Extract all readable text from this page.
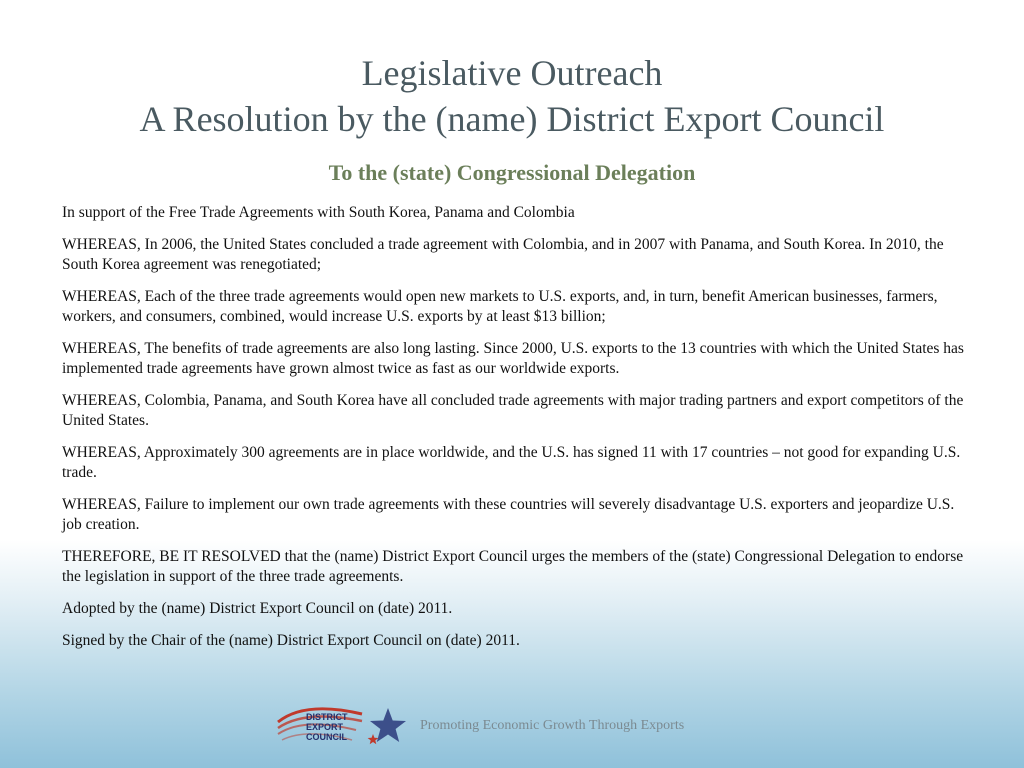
Legislative Outreach
A Resolution by the (name) District Export Council
To the (state) Congressional Delegation

In support of the Free Trade Agreements with South Korea, Panama and Colombia

WHEREAS, In 2006, the United States concluded a trade agreement with Colombia, and in 2007 with Panama, and South Korea. In 2010, the South Korea agreement was renegotiated;

WHEREAS, Each of the three trade agreements would open new markets to U.S. exports, and, in turn, benefit American businesses, farmers, workers, and consumers, combined, would increase U.S. exports by at least $13 billion;

WHEREAS, The benefits of trade agreements are also long lasting. Since 2000, U.S. exports to the 13 countries with which the United States has implemented trade agreements have grown almost twice as fast as our worldwide exports.

WHEREAS, Colombia, Panama, and South Korea have all concluded trade agreements with major trading partners and export competitors of the United States.

WHEREAS, Approximately 300 agreements are in place worldwide, and the U.S. has signed 11 with 17 countries – not good for expanding U.S. trade.

WHEREAS, Failure to implement our own trade agreements with these countries will severely disadvantage U.S. exporters and jeopardize U.S. job creation.

THEREFORE, BE IT RESOLVED that the (name) District Export Council urges the members of the (state) Congressional Delegation to endorse the legislation in support of the three trade agreements.

Adopted by the (name) District Export Council on (date) 2011.

Signed by the Chair of the (name) District Export Council on (date) 2011.

DISTRICT
EXPORT
COUNCIL
Promoting Economic Growth Through Exports
